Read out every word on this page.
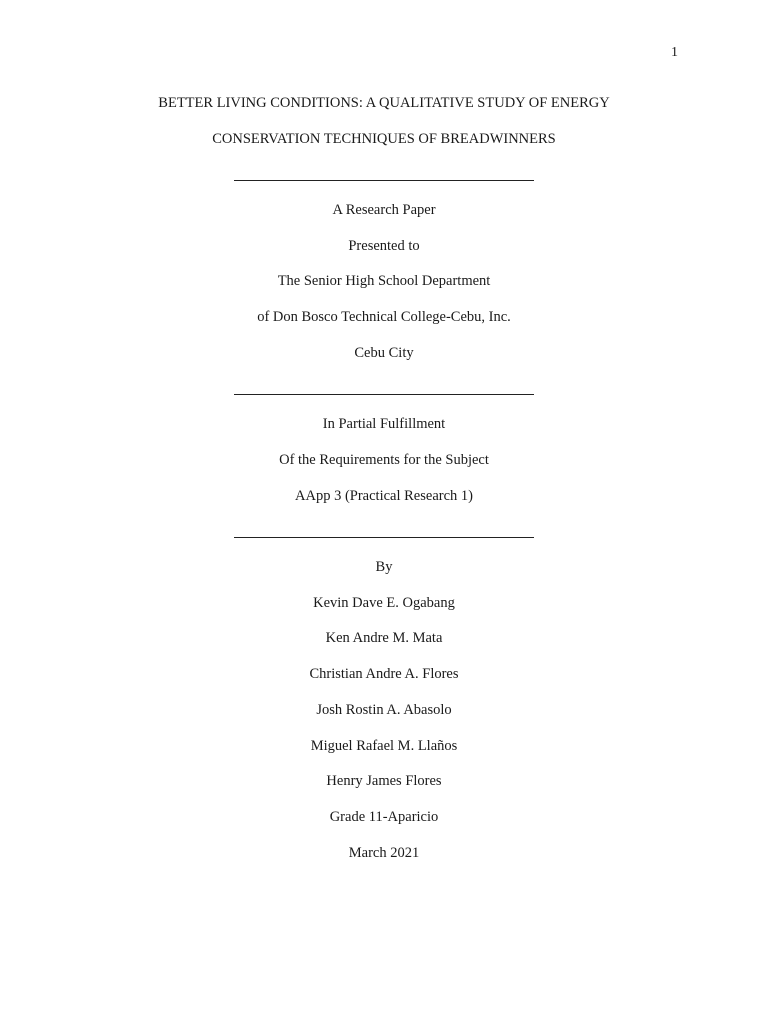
1
BETTER LIVING CONDITIONS: A QUALITATIVE STUDY OF ENERGY
CONSERVATION TECHNIQUES OF BREADWINNERS
A Research Paper
Presented to
The Senior High School Department
of Don Bosco Technical College-Cebu, Inc.
Cebu City
In Partial Fulfillment
Of the Requirements for the Subject
AApp 3 (Practical Research 1)
By
Kevin Dave E. Ogabang
Ken Andre M. Mata
Christian Andre A. Flores
Josh Rostin A. Abasolo
Miguel Rafael M. Llaños
Henry James Flores
Grade 11-Aparicio
March 2021
